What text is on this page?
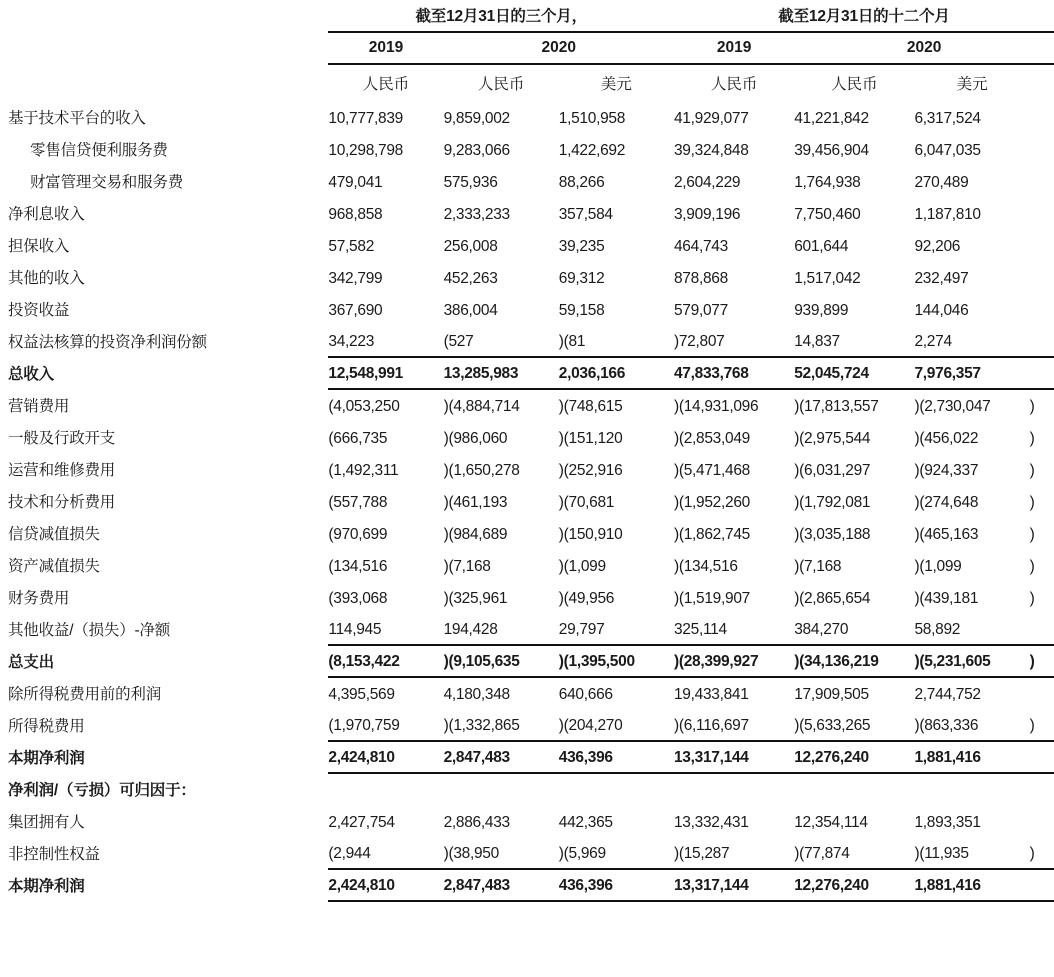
	截至12月31日的三个月，			截至12月31日的十二个月			
	2019	2020		2019	2020		
	人民币	人民币	美元	人民币	人民币	美元	
基于技术平台的收入	10,777,839	9,859,002	1,510,958	41,929,077	41,221,842	6,317,524	
零售信贷便利服务费	10,298,798	9,283,066	1,422,692	39,324,848	39,456,904	6,047,035	
财富管理交易和服务费	479,041	575,936	88,266	2,604,229	1,764,938	270,489	
净利息收入	968,858	2,333,233	357,584	3,909,196	7,750,460	1,187,810	
担保收入	57,582	256,008	39,235	464,743	601,644	92,206	
其他的收入	342,799	452,263	69,312	878,868	1,517,042	232,497	
投资收益	367,690	386,004	59,158	579,077	939,899	144,046	
权益法核算的投资净利润份额	34,223	(527	)(81	)72,807	14,837	2,274	
总收入	12,548,991	13,285,983	2,036,166	47,833,768	52,045,724	7,976,357	
营销费用	(4,053,250	)(4,884,714	)(748,615	)(14,931,096	)(17,813,557	)(2,730,047	)
一般及行政开支	(666,735	)(986,060	)(151,120	)(2,853,049	)(2,975,544	)(456,022	)
运营和维修费用	(1,492,311	)(1,650,278	)(252,916	)(5,471,468	)(6,031,297	)(924,337	)
技术和分析费用	(557,788	)(461,193	)(70,681	)(1,952,260	)(1,792,081	)(274,648	)
信贷减值损失	(970,699	)(984,689	)(150,910	)(1,862,745	)(3,035,188	)(465,163	)
资产减值损失	(134,516	)(7,168	)(1,099	)(134,516	)(7,168	)(1,099	)
财务费用	(393,068	)(325,961	)(49,956	)(1,519,907	)(2,865,654	)(439,181	)
其他收益/（损失）-净额	114,945	194,428	29,797	325,114	384,270	58,892	
总支出	(8,153,422	)(9,105,635	)(1,395,500	)(28,399,927	)(34,136,219	)(5,231,605	)
除所得税费用前的利润	4,395,569	4,180,348	640,666	19,433,841	17,909,505	2,744,752	
所得税费用	(1,970,759	)(1,332,865	)(204,270	)(6,116,697	)(5,633,265	)(863,336	)
本期净利润	2,424,810	2,847,483	436,396	13,317,144	12,276,240	1,881,416	
净利润/（亏损）可归因于：							
集团拥有人	2,427,754	2,886,433	442,365	13,332,431	12,354,114	1,893,351	
非控制性权益	(2,944	)(38,950	)(5,969	)(15,287	)(77,874	)(11,935	)
本期净利润	2,424,810	2,847,483	436,396	13,317,144	12,276,240	1,881,416	
